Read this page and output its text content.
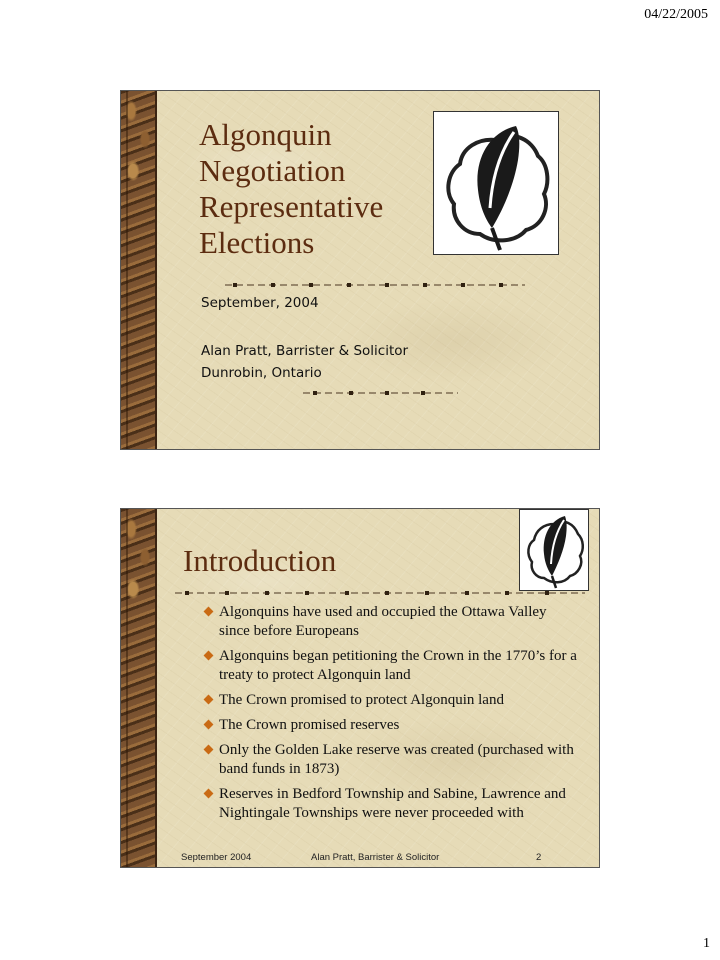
04/22/2005
Algonquin
Negotiation
Representative
Elections
September, 2004
Alan Pratt, Barrister & Solicitor
Dunrobin, Ontario
Introduction
Algonquins have used and occupied the Ottawa Valley since before Europeans
Algonquins began petitioning the Crown in the 1770’s for a treaty to protect Algonquin land
The Crown promised to protect Algonquin land
The Crown promised reserves
Only the Golden Lake reserve was created (purchased with band funds in 1873)
Reserves in Bedford Township and Sabine, Lawrence and Nightingale Townships were never proceeded with
September 2004	Alan Pratt, Barrister & Solicitor	2
1
